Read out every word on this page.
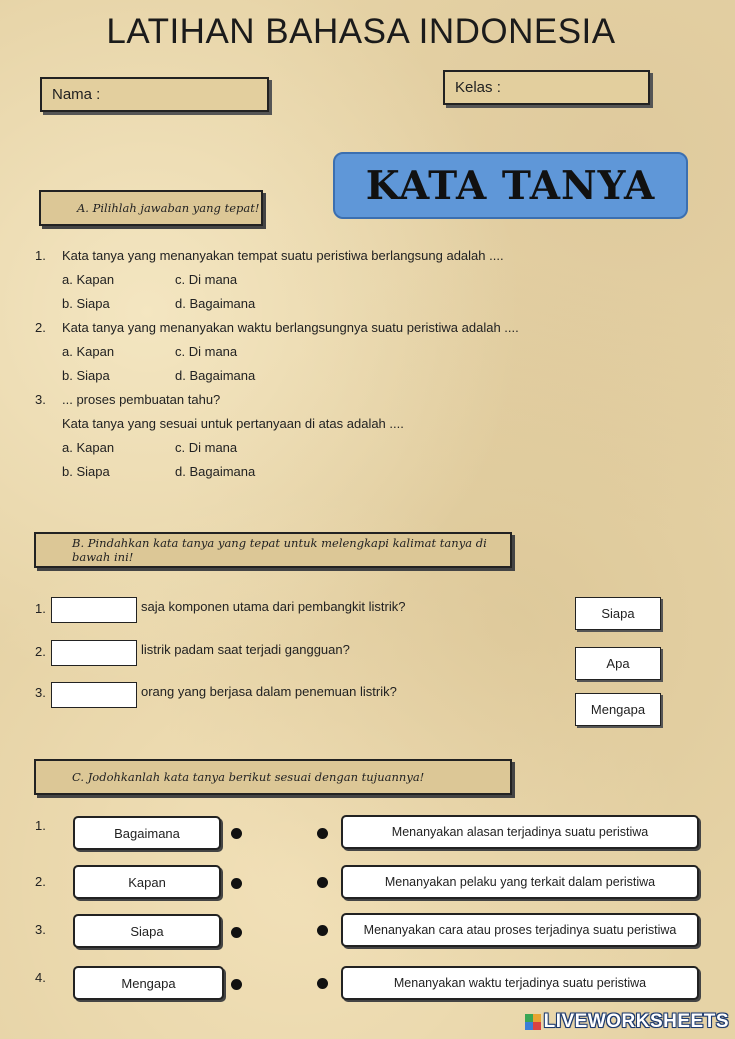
LATIHAN BAHASA INDONESIA
Nama :	Kelas :
KATA TANYA
A. Pilihlah jawaban yang tepat!
1. Kata tanya yang menanyakan tempat suatu peristiwa berlangsung adalah ....
a. Kapan	c. Di mana
b. Siapa	d. Bagaimana
2. Kata tanya yang menanyakan waktu berlangsungnya suatu peristiwa adalah ....
a. Kapan	c. Di mana
b. Siapa	d. Bagaimana
3. ... proses pembuatan tahu?
Kata tanya yang sesuai untuk pertanyaan di atas adalah ....
a. Kapan	c. Di mana
b. Siapa	d. Bagaimana
B. Pindahkan kata tanya yang tepat untuk melengkapi kalimat tanya di bawah ini!
1.	saja komponen utama dari pembangkit listrik?
2.	listrik padam saat terjadi gangguan?
3.	orang yang berjasa dalam penemuan listrik?
Siapa
Apa
Mengapa
C. Jodohkanlah kata tanya berikut sesuai dengan tujuannya!
1.	Bagaimana	Menanyakan alasan terjadinya suatu peristiwa
2.	Kapan	Menanyakan pelaku yang terkait dalam peristiwa
3.	Siapa	Menanyakan cara atau proses terjadinya suatu peristiwa
4.	Mengapa	Menanyakan waktu terjadinya suatu peristiwa
LIVEWORKSHEETS
